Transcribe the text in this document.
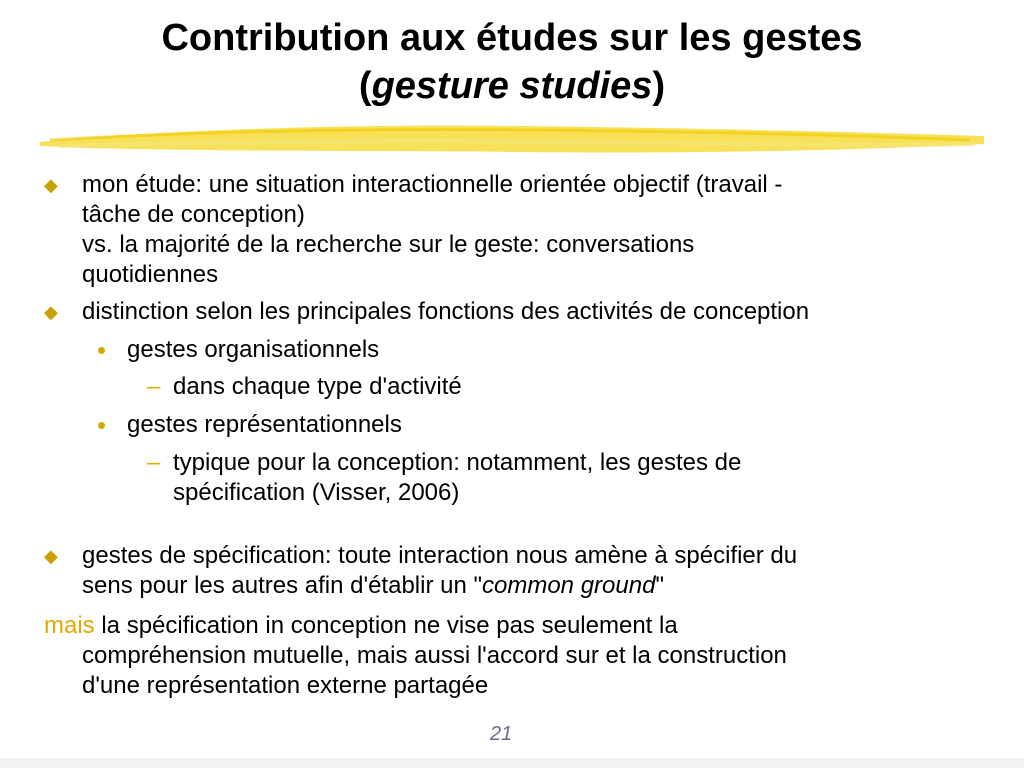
Contribution aux études sur les gestes
(gesture studies)
◆ mon étude: une situation interactionnelle orientée objectif (travail -
tâche de conception)
vs. la majorité de la recherche sur le geste: conversations
quotidiennes
◆ distinction selon les principales fonctions des activités de conception
• gestes organisationnels
– dans chaque type d'activité
• gestes représentationnels
– typique pour la conception: notamment, les gestes de
spécification (Visser, 2006)
◆ gestes de spécification: toute interaction nous amène à spécifier du
sens pour les autres afin d'établir un "common ground"
mais la spécification in conception ne vise pas seulement la
compréhension mutuelle, mais aussi l'accord sur et la construction
d'une représentation externe partagée
21
